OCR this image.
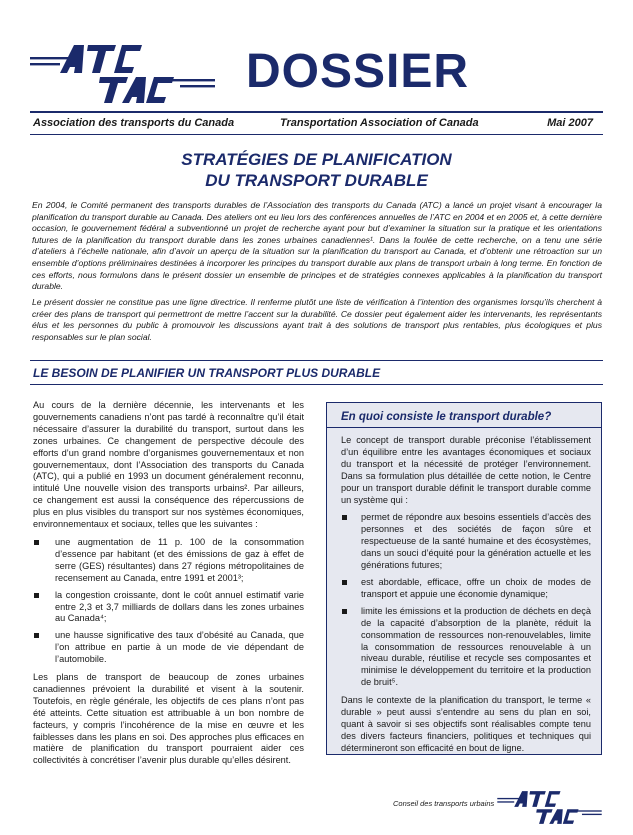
DOSSIER
Association des transports du Canada	Transportation Association of Canada	Mai 2007
STRATÉGIES DE PLANIFICATION
DU TRANSPORT DURABLE

En 2004, le Comité permanent des transports durables de l’Association des transports du Canada (ATC) a lancé un projet visant à encourager la planification du transport durable au Canada. Des ateliers ont eu lieu lors des conférences annuelles de l’ATC en 2004 et en 2005 et, à cette dernière occasion, le gouvernement fédéral a subventionné un projet de recherche ayant pour but d’examiner la situation sur la pratique et les orientations futures de la planification du transport durable dans les zones urbaines canadiennes¹. Dans la foulée de cette recherche, on a tenu une série d’ateliers à l’échelle nationale, afin d’avoir un aperçu de la situation sur la planification du transport au Canada, et d’obtenir une rétroaction sur un ensemble d’options préliminaires destinées à incorporer les principes du transport durable aux plans de transport urbain à long terme. En fonction de ces efforts, nous formulons dans le présent dossier un ensemble de principes et de stratégies connexes applicables à la planification du transport durable.

Le présent dossier ne constitue pas une ligne directrice. Il renferme plutôt une liste de vérification à l’intention des organismes lorsqu’ils cherchent à créer des plans de transport qui permettront de mettre l’accent sur la durabilité. Ce dossier peut également aider les intervenants, les représentants élus et les personnes du public à promouvoir les discussions ayant trait à des solutions de transport plus rentables, plus écologiques et plus responsables sur le plan social.

LE BESOIN DE PLANIFIER UN TRANSPORT PLUS DURABLE

Au cours de la dernière décennie, les intervenants et les gouvernements canadiens n’ont pas tardé à reconnaître qu’il était nécessaire d’assurer la durabilité du transport, surtout dans les zones urbaines. Ce changement de perspective découle des efforts d’un grand nombre d’organismes gouvernementaux et non gouvernementaux, dont l’Association des transports du Canada (ATC), qui a publié en 1993 un document généralement reconnu, intitulé Une nouvelle vision des transports urbains². Par ailleurs, ce changement est aussi la conséquence des répercussions de plus en plus visibles du transport sur nos systèmes économiques, environnementaux et sociaux, telles que les suivantes :

une augmentation de 11 p. 100 de la consommation d’essence par habitant (et des émissions de gaz à effet de serre (GES) résultantes) dans 27 régions métropolitaines de recensement au Canada, entre 1991 et 2001³;
la congestion croissante, dont le coût annuel estimatif varie entre 2,3 et 3,7 milliards de dollars dans les zones urbaines au Canada⁴;
une hausse significative des taux d’obésité au Canada, que l’on attribue en partie à un mode de vie dépendant de l’automobile.

Les plans de transport de beaucoup de zones urbaines canadiennes prévoient la durabilité et visent à la soutenir. Toutefois, en règle générale, les objectifs de ces plans n’ont pas été atteints. Cette situation est attribuable à un bon nombre de facteurs, y compris l’incohérence de la mise en œuvre et les faiblesses dans les plans en soi. Des approches plus efficaces en matière de planification du transport pourraient aider ces collectivités à concrétiser l’avenir plus durable qu’elles désirent.

En quoi consiste le transport durable?

Le concept de transport durable préconise l’établissement d’un équilibre entre les avantages économiques et sociaux du transport et la nécessité de protéger l’environnement. Dans sa formulation plus détaillée de cette notion, le Centre pour un transport durable définit le transport durable comme un système qui :

permet de répondre aux besoins essentiels d’accès des personnes et des sociétés de façon sûre et respectueuse de la santé humaine et des écosystèmes, dans un souci d’équité pour la génération actuelle et les générations futures;
est abordable, efficace, offre un choix de modes de transport et appuie une économie dynamique;
limite les émissions et la production de déchets en deçà de la capacité d’absorption de la planète, réduit la consommation de ressources non-renouvelables, limite la consommation de ressources renouvelable à un niveau durable, réutilise et recycle ses composantes et minimise le développement du territoire et la production de bruit⁵.

Dans le contexte de la planification du transport, le terme « durable » peut aussi s’entendre au sens du plan en soi, quant à savoir si ses objectifs sont réalisables compte tenu des divers facteurs financiers, politiques et techniques qui détermineront son efficacité en bout de ligne.

Conseil des transports urbains
